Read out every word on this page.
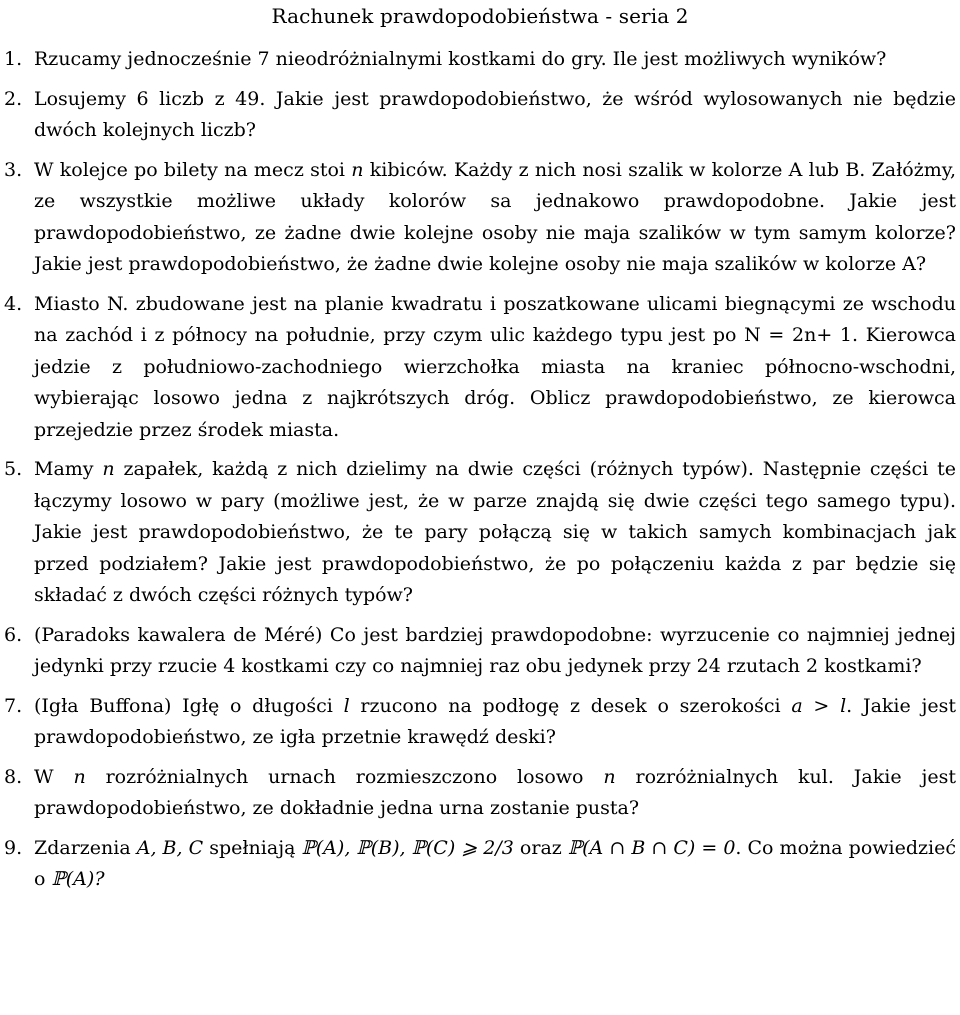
Rachunek prawdopodobieństwa - seria 2
1. Rzucamy jednocześnie 7 nieodróżnialnymi kostkami do gry. Ile jest możliwych wyników?
2. Losujemy 6 liczb z 49. Jakie jest prawdopodobieństwo, że wśród wylosowanych nie będzie dwóch kolejnych liczb?
3. W kolejce po bilety na mecz stoi n kibiców. Każdy z nich nosi szalik w kolorze A lub B. Załóżmy, ze wszystkie możliwe układy kolorów sa jednakowo prawdopodobne. Jakie jest prawdopodobieństwo, ze żadne dwie kolejne osoby nie maja szalików w tym samym kolorze? Jakie jest prawdopodobieństwo, że żadne dwie kolejne osoby nie maja szalików w kolorze A?
4. Miasto N. zbudowane jest na planie kwadratu i poszatkowane ulicami biegnącymi ze wschodu na zachód i z północy na południe, przy czym ulic każdego typu jest po N = 2n+ 1. Kierowca jedzie z południowo-zachodniego wierzchołka miasta na kraniec północno-wschodni, wybierając losowo jedna z najkrótszych dróg. Oblicz prawdopodobieństwo, ze kierowca przejedzie przez środek miasta.
5. Mamy n zapałek, każdą z nich dzielimy na dwie części (różnych typów). Następnie części te łączymy losowo w pary (możliwe jest, że w parze znajdą się dwie części tego samego typu). Jakie jest prawdopodobieństwo, że te pary połączą się w takich samych kombinacjach jak przed podziałem? Jakie jest prawdopodobieństwo, że po połączeniu każda z par będzie się składać z dwóch części różnych typów?
6. (Paradoks kawalera de Méré) Co jest bardziej prawdopodobne: wyrzucenie co najmniej jednej jedynki przy rzucie 4 kostkami czy co najmniej raz obu jedynek przy 24 rzutach 2 kostkami?
7. (Igła Buffona) Igłę o długości l rzucono na podłogę z desek o szerokości a > l. Jakie jest prawdopodobieństwo, ze igła przetnie krawędź deski?
8. W n rozróżnialnych urnach rozmieszczono losowo n rozróżnialnych kul. Jakie jest prawdopodobieństwo, ze dokładnie jedna urna zostanie pusta?
9. Zdarzenia A, B, C spełniają ℙ(A), ℙ(B), ℙ(C) ⩾ 2/3 oraz ℙ(A ∩ B ∩ C) = 0. Co można powiedzieć o ℙ(A)?
